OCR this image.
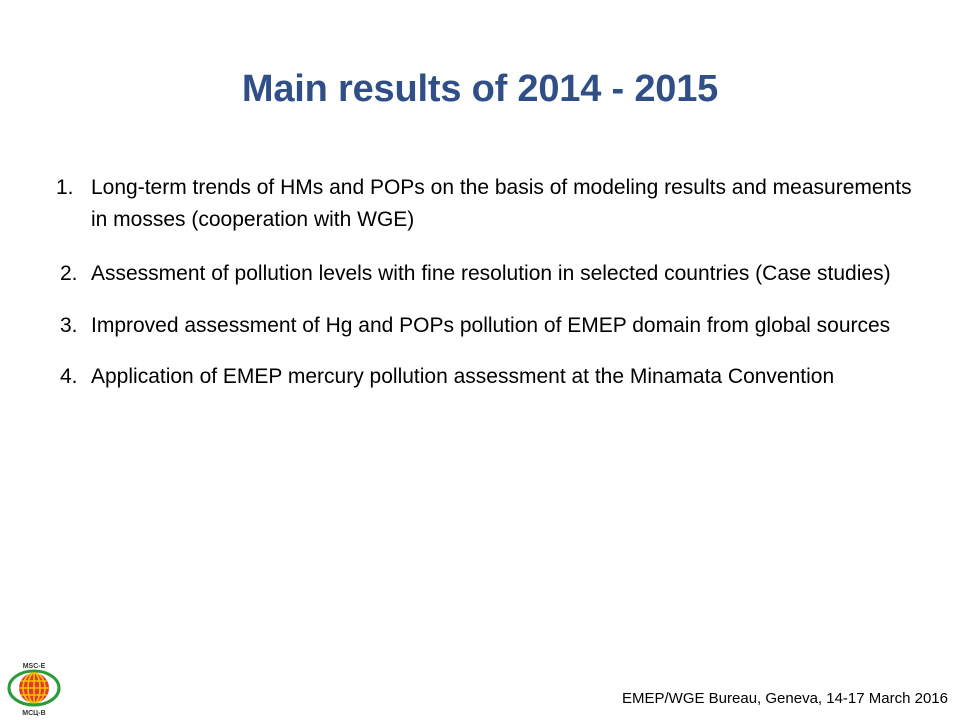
Main results of 2014 - 2015
1. Long-term trends of HMs and POPs on the basis of modeling results and measurements in mosses (cooperation with WGE)
2. Assessment of pollution levels with fine resolution in selected countries (Case studies)
3. Improved assessment of Hg and POPs pollution of EMEP domain from global sources
4. Application of EMEP mercury pollution assessment at the Minamata Convention
MSC-E
МСЦ-В
EMEP/WGE Bureau, Geneva, 14-17 March 2016
